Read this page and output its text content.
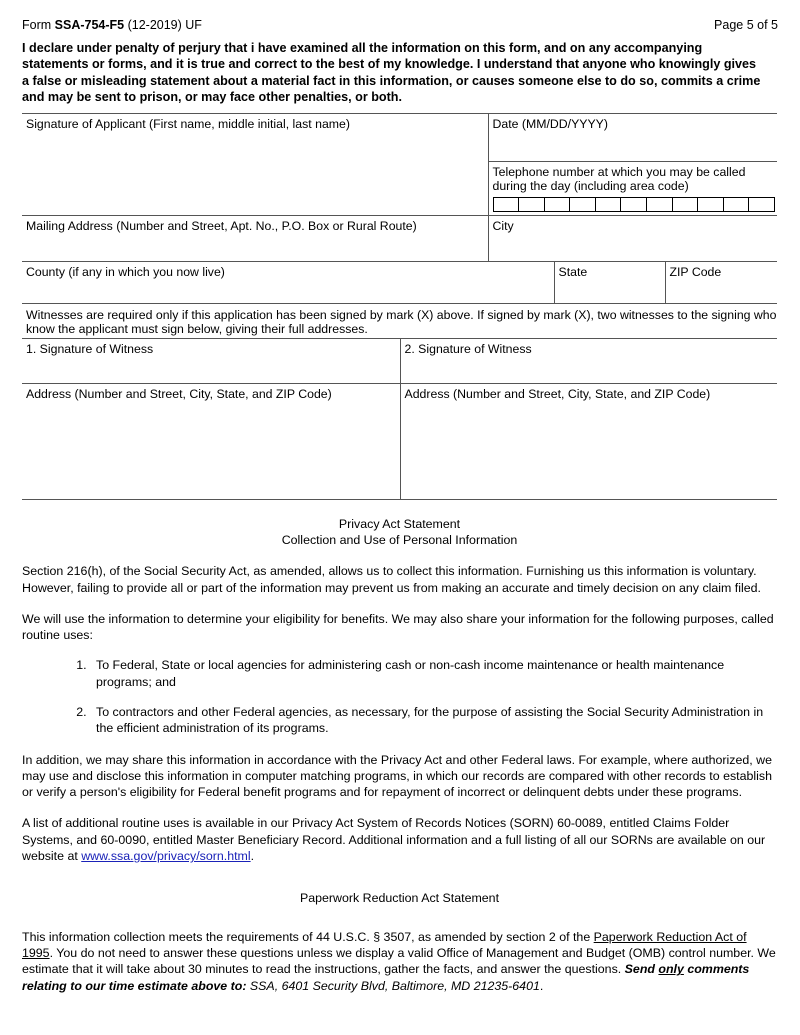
Form SSA-754-F5 (12-2019) UF	Page 5 of 5

I declare under penalty of perjury that i have examined all the information on this form, and on any accompanying statements or forms, and it is true and correct to the best of my knowledge. I understand that anyone who knowingly gives a false or misleading statement about a material fact in this information, or causes someone else to do so, commits a crime and may be sent to prison, or may face other penalties, or both.

Signature of Applicant (First name, middle initial, last name)	Date (MM/DD/YYYY)		

	Telephone number at which you may be called during the day (including area code)		

Mailing Address (Number and Street, Apt. No., P.O. Box or Rural Route)	City		

County (if any in which you now live)		State	ZIP Code
Witnesses are required only if this application has been signed by mark (X) above. If signed by mark (X), two witnesses to the signing who know the applicant must sign below, giving their full addresses.	

1. Signature of Witness	2. Signature of Witness

Address (Number and Street, City, State, and ZIP Code)	Address (Number and Street, City, State, and ZIP Code)
Privacy Act Statement
Collection and Use of Personal Information

Section 216(h), of the Social Security Act, as amended, allows us to collect this information. Furnishing us this information is voluntary. However, failing to provide all or part of the information may prevent us from making an accurate and timely decision on any claim filed.

We will use the information to determine your eligibility for benefits. We may also share your information for the following purposes, called routine uses:

1. To Federal, State or local agencies for administering cash or non-cash income maintenance or health maintenance programs; and
2. To contractors and other Federal agencies, as necessary, for the purpose of assisting the Social Security Administration in the efficient administration of its programs.

In addition, we may share this information in accordance with the Privacy Act and other Federal laws. For example, where authorized, we may use and disclose this information in computer matching programs, in which our records are compared with other records to establish or verify a person's eligibility for Federal benefit programs and for repayment of incorrect or delinquent debts under these programs.

A list of additional routine uses is available in our Privacy Act System of Records Notices (SORN) 60-0089, entitled Claims Folder Systems, and 60-0090, entitled Master Beneficiary Record. Additional information and a full listing of all our SORNs are available on our website at www.ssa.gov/privacy/sorn.html.

Paperwork Reduction Act Statement

This information collection meets the requirements of 44 U.S.C. § 3507, as amended by section 2 of the Paperwork Reduction Act of 1995. You do not need to answer these questions unless we display a valid Office of Management and Budget (OMB) control number. We estimate that it will take about 30 minutes to read the instructions, gather the facts, and answer the questions. Send only comments relating to our time estimate above to: SSA, 6401 Security Blvd, Baltimore, MD 21235-6401.
